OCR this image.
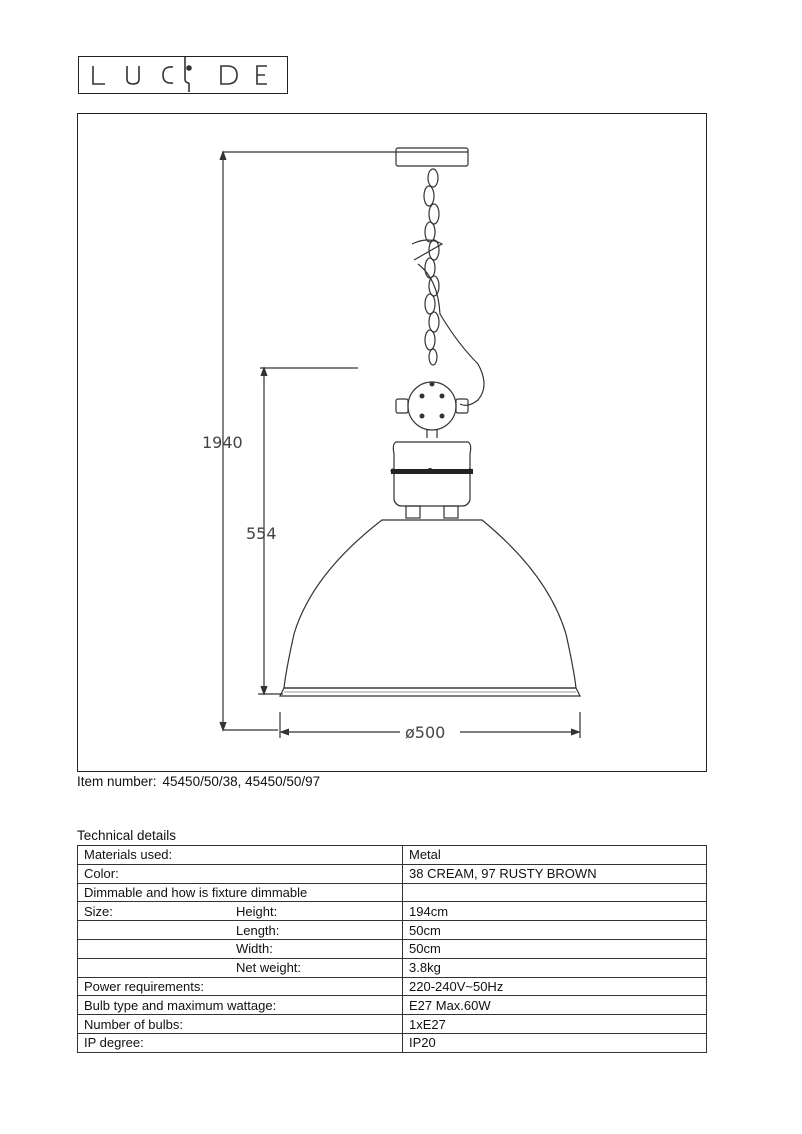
1940
554
ø500
Item number: 45450/50/38, 45450/50/97
Technical details
Materials used:		Metal
Color:		38 CREAM, 97 RUSTY BROWN
Dimmable and how is fixture dimmable		
Size:	Height:	194cm
	Length:	50cm
	Width:	50cm
	Net weight:	3.8kg
Power requirements:		220-240V~50Hz
Bulb type and maximum wattage:		E27 Max.60W
Number of bulbs:		1xE27
IP degree:		IP20
